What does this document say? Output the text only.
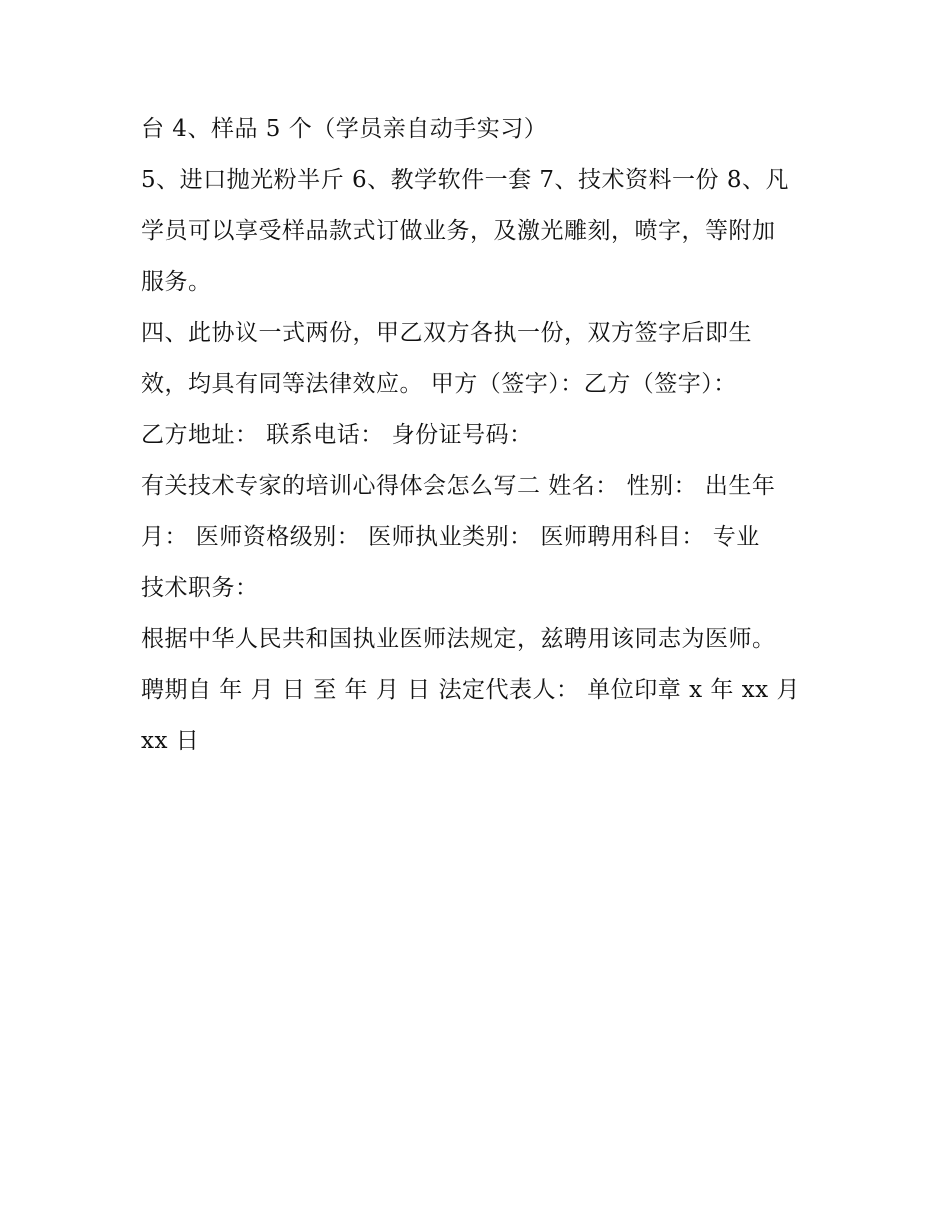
台 4、样品 5 个（学员亲自动手实习）
5、进口抛光粉半斤 6、教学软件一套 7、技术资料一份 8、凡
学员可以享受样品款式订做业务，及激光雕刻，喷字，等附加
服务。
四、此协议一式两份，甲乙双方各执一份，双方签字后即生
效，均具有同等法律效应。 甲方（签字）：乙方（签字）：
乙方地址： 联系电话： 身份证号码：
有关技术专家的培训心得体会怎么写二 姓名： 性别： 出生年
月： 医师资格级别： 医师执业类别： 医师聘用科目： 专业
技术职务：
根据中华人民共和国执业医师法规定，兹聘用该同志为医师。
聘期自 年 月 日 至 年 月 日 法定代表人： 单位印章 x 年 xx 月
xx 日
